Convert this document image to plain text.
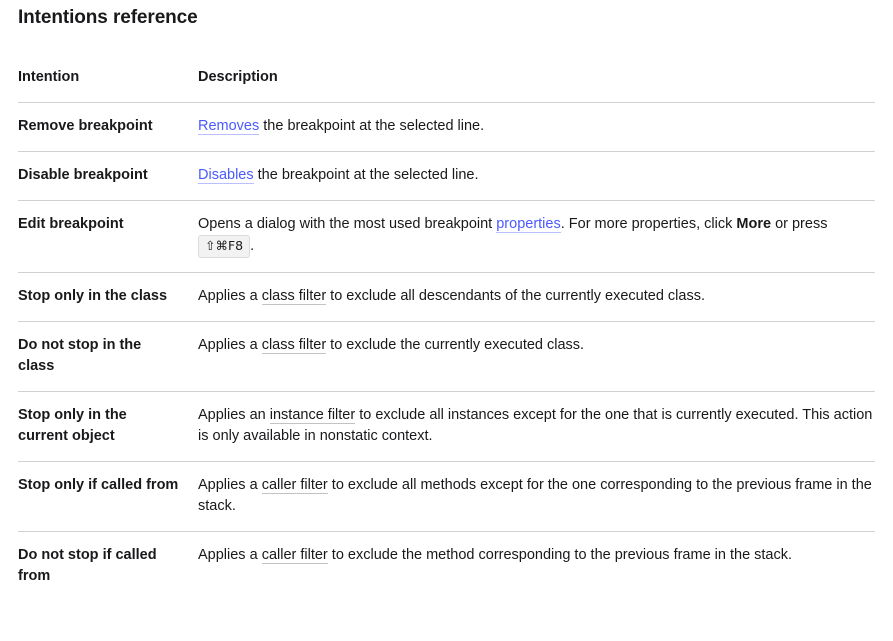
Intentions reference
Intention	Description
Remove breakpoint	Removes the breakpoint at the selected line.

Disable breakpoint	Disables the breakpoint at the selected line.

Edit breakpoint	Opens a dialog with the most used breakpoint properties. For more properties, click More or press ⇧⌘F8 .

Stop only in the class	Applies a class filter to exclude all descendants of the currently executed class.

Do not stop in the class	Applies a class filter to exclude the currently executed class.

Stop only in the current object	Applies an instance filter to exclude all instances except for the one that is currently executed. This action is only available in nonstatic context.

Stop only if called from	Applies a caller filter to exclude all methods except for the one corresponding to the previous frame in the stack.

Do not stop if called from	Applies a caller filter to exclude the method corresponding to the previous frame in the stack.
